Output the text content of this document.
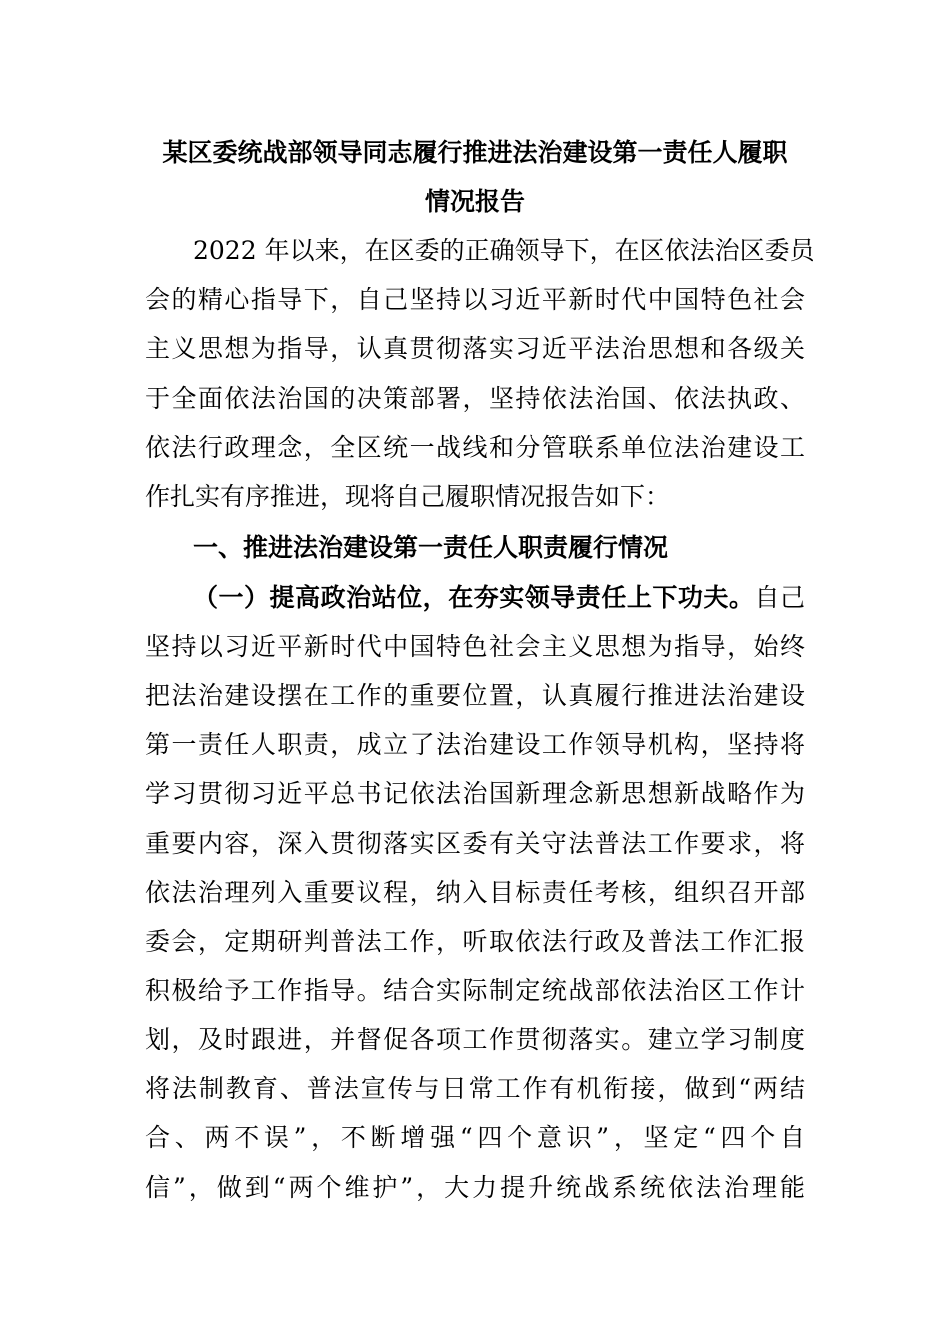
某区委统战部领导同志履行推进法治建设第一责任人履职
情况报告
2022 年以来，在区委的正确领导下，在区依法治区委员
会的精心指导下，自己坚持以习近平新时代中国特色社会
主义思想为指导，认真贯彻落实习近平法治思想和各级关
于全面依法治国的决策部署，坚持依法治国、依法执政、
依法行政理念，全区统一战线和分管联系单位法治建设工
作扎实有序推进，现将自己履职情况报告如下：
一、推进法治建设第一责任人职责履行情况
（一）提高政治站位，在夯实领导责任上下功夫。自己
坚持以习近平新时代中国特色社会主义思想为指导，始终
把法治建设摆在工作的重要位置，认真履行推进法治建设
第一责任人职责，成立了法治建设工作领导机构，坚持将
学习贯彻习近平总书记依法治国新理念新思想新战略作为
重要内容，深入贯彻落实区委有关守法普法工作要求，将
依法治理列入重要议程，纳入目标责任考核，组织召开部
委会，定期研判普法工作，听取依法行政及普法工作汇报
积极给予工作指导。结合实际制定统战部依法治区工作计
划，及时跟进，并督促各项工作贯彻落实。建立学习制度
将法制教育、普法宣传与日常工作有机衔接，做到“两结
合、两不误”，不断增强“四个意识”，坚定“四个自
信”，做到“两个维护”，大力提升统战系统依法治理能
